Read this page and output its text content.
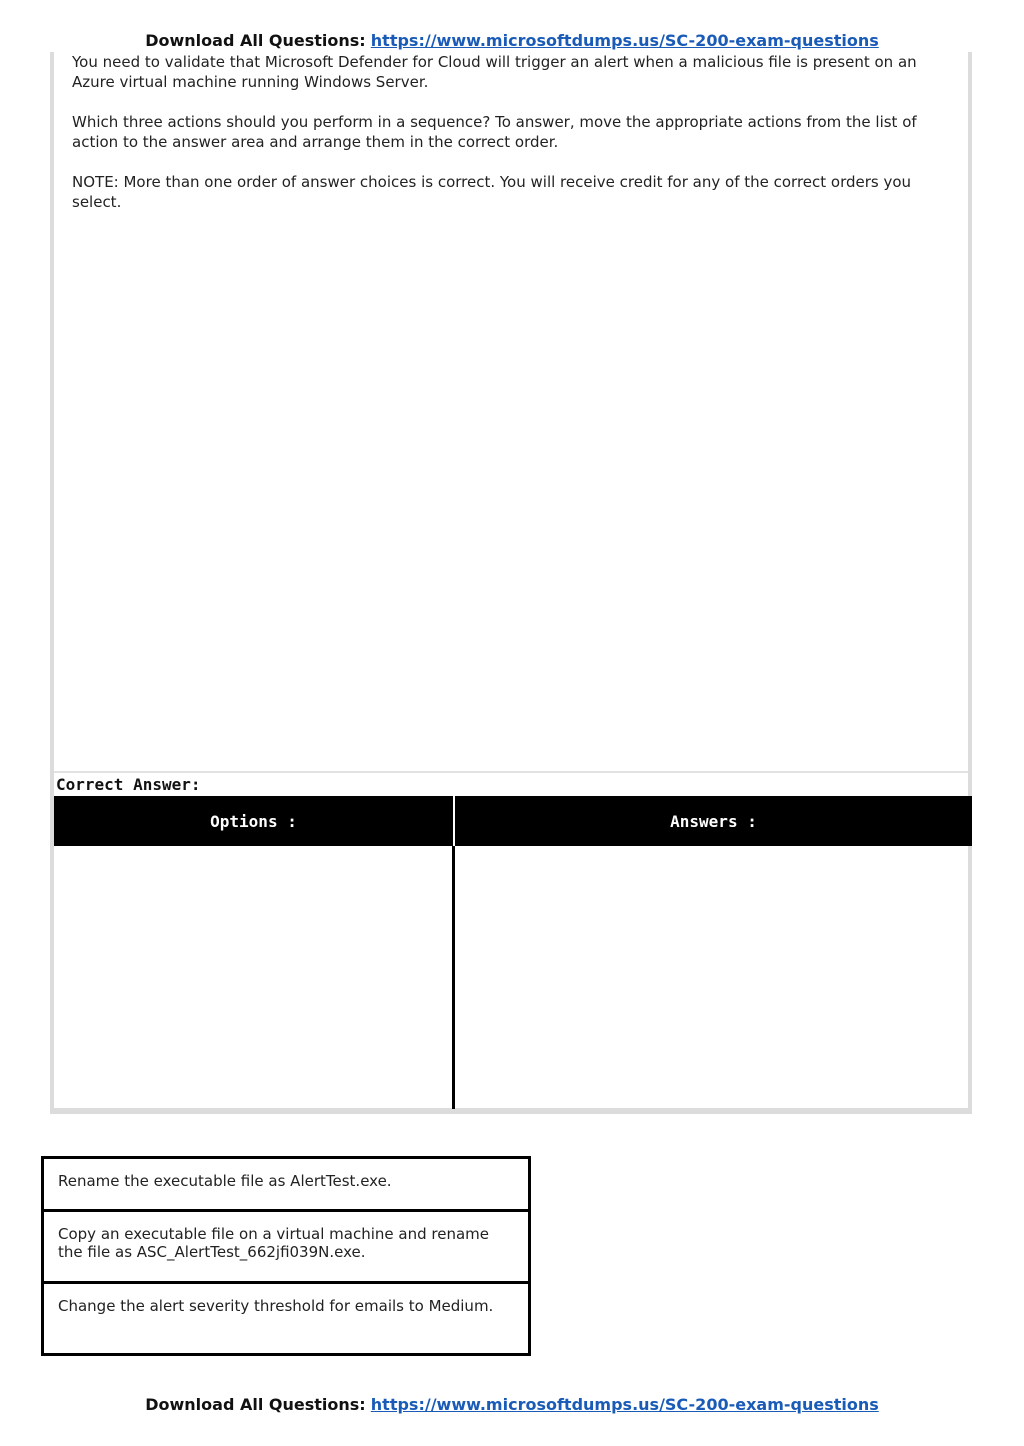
Download All Questions: https://www.microsoftdumps.us/SC-200-exam-questions

You need to validate that Microsoft Defender for Cloud will trigger an alert when a malicious file is present on an Azure virtual machine running Windows Server.

Which three actions should you perform in a sequence? To answer, move the appropriate actions from the list of action to the answer area and arrange them in the correct order.

NOTE: More than one order of answer choices is correct. You will receive credit for any of the correct orders you select.

Correct Answer:
Options :	Answers :
Rename the executable file as AlertTest.exe.
Copy an executable file on a virtual machine and rename the file as ASC_AlertTest_662jfi039N.exe.
Change the alert severity threshold for emails to Medium.
Download All Questions: https://www.microsoftdumps.us/SC-200-exam-questions
